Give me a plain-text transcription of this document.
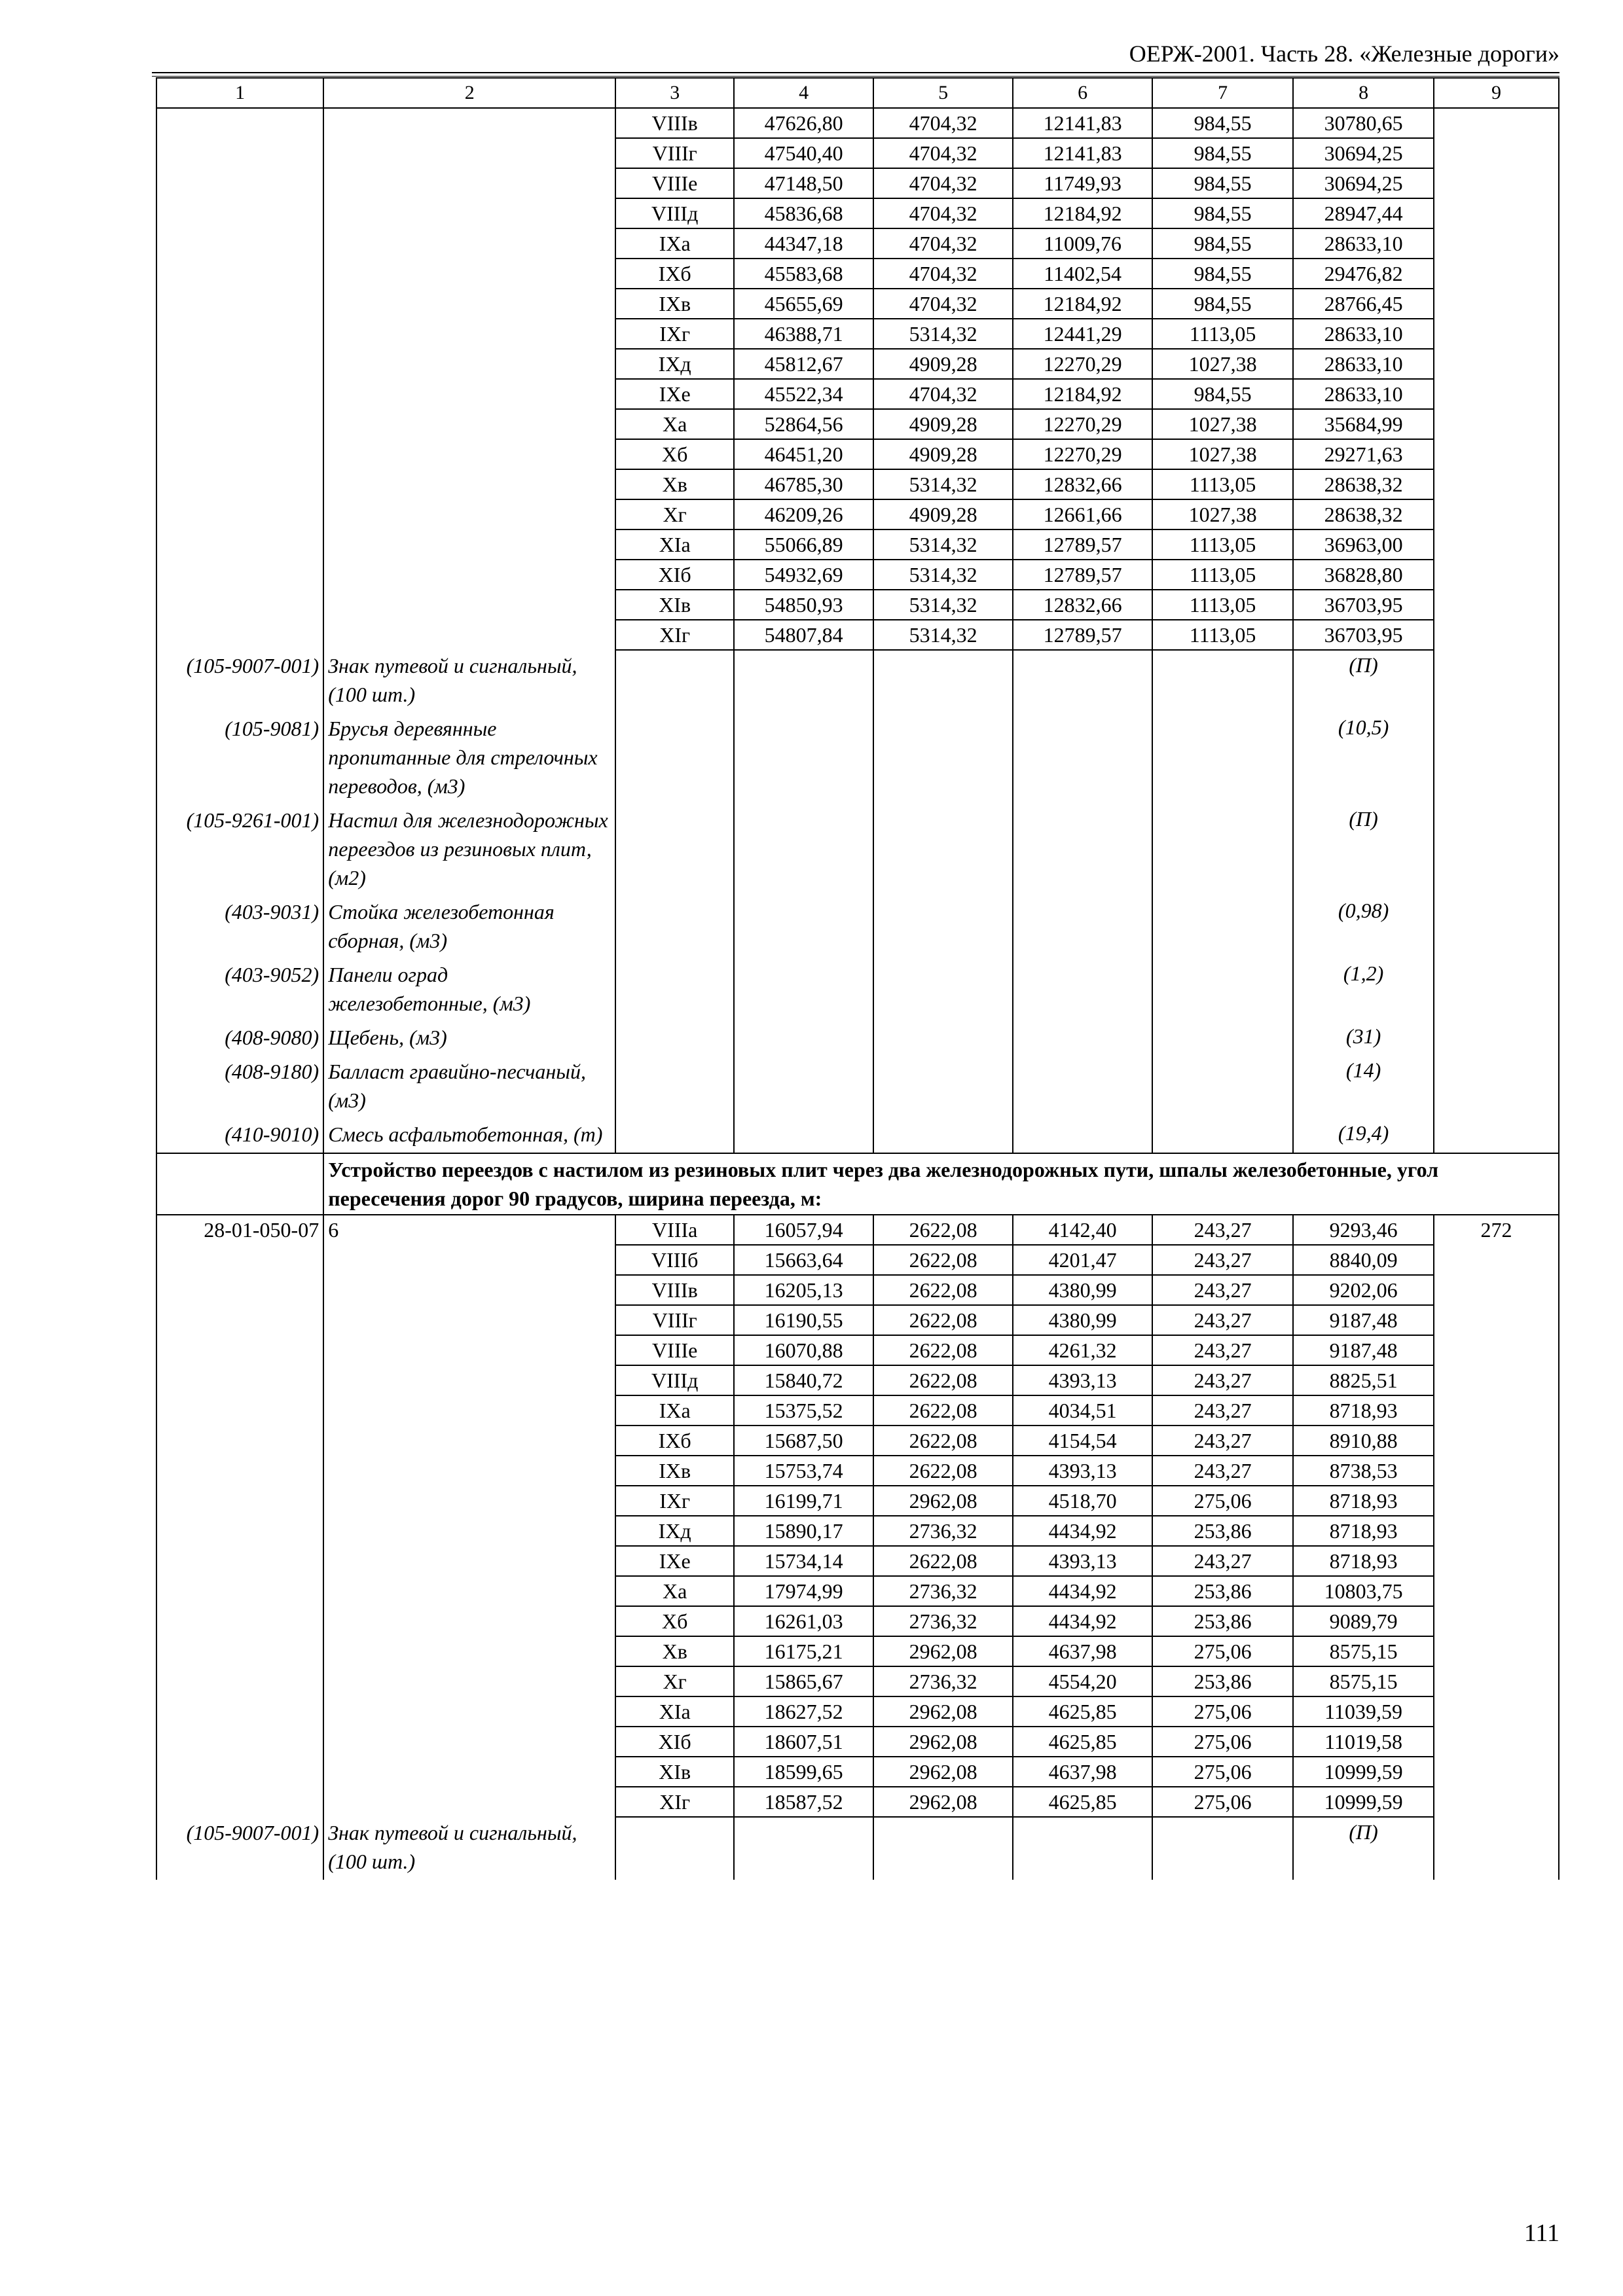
ОЕРЖ-2001. Часть 28. «Железные дороги»
1	2	3	4	5	6	7	8	9
		VIIIв	47626,80	4704,32	12141,83	984,55	30780,65	
		VIIIг	47540,40	4704,32	12141,83	984,55	30694,25	
		VIIIе	47148,50	4704,32	11749,93	984,55	30694,25	
		VIIIд	45836,68	4704,32	12184,92	984,55	28947,44	
		IXа	44347,18	4704,32	11009,76	984,55	28633,10	
		IXб	45583,68	4704,32	11402,54	984,55	29476,82	
		IXв	45655,69	4704,32	12184,92	984,55	28766,45	
		IXг	46388,71	5314,32	12441,29	1113,05	28633,10	
		IXд	45812,67	4909,28	12270,29	1027,38	28633,10	
		IXе	45522,34	4704,32	12184,92	984,55	28633,10	
		Xа	52864,56	4909,28	12270,29	1027,38	35684,99	
		Xб	46451,20	4909,28	12270,29	1027,38	29271,63	
		Xв	46785,30	5314,32	12832,66	1113,05	28638,32	
		Xг	46209,26	4909,28	12661,66	1027,38	28638,32	
		XIа	55066,89	5314,32	12789,57	1113,05	36963,00	
		XIб	54932,69	5314,32	12789,57	1113,05	36828,80	
		XIв	54850,93	5314,32	12832,66	1113,05	36703,95	
		XIг	54807,84	5314,32	12789,57	1113,05	36703,95	
(105-9007-001)	Знак путевой и сигнальный, (100 шт.)						(П)	
(105-9081)	Брусья деревянные пропитанные для стрелочных переводов, (м3)						(10,5)	
(105-9261-001)	Настил для железнодорожных переездов из резиновых плит, (м2)						(П)	
(403-9031)	Стойка железобетонная сборная, (м3)						(0,98)	
(403-9052)	Панели оград железобетонные, (м3)						(1,2)	
(408-9080)	Щебень, (м3)						(31)	
(408-9180)	Балласт гравийно-песчаный, (м3)						(14)	
(410-9010)	Смесь асфальтобетонная, (т)						(19,4)	
	Устройство переездов с настилом из резиновых плит через два железнодорожных пути, шпалы железобетонные, угол пересечения дорог 90 градусов, ширина переезда, м:							
28-01-050-07	6	VIIIа	16057,94	2622,08	4142,40	243,27	9293,46	272
		VIIIб	15663,64	2622,08	4201,47	243,27	8840,09	
		VIIIв	16205,13	2622,08	4380,99	243,27	9202,06	
		VIIIг	16190,55	2622,08	4380,99	243,27	9187,48	
		VIIIе	16070,88	2622,08	4261,32	243,27	9187,48	
		VIIIд	15840,72	2622,08	4393,13	243,27	8825,51	
		IXа	15375,52	2622,08	4034,51	243,27	8718,93	
		IXб	15687,50	2622,08	4154,54	243,27	8910,88	
		IXв	15753,74	2622,08	4393,13	243,27	8738,53	
		IXг	16199,71	2962,08	4518,70	275,06	8718,93	
		IXд	15890,17	2736,32	4434,92	253,86	8718,93	
		IXе	15734,14	2622,08	4393,13	243,27	8718,93	
		Xа	17974,99	2736,32	4434,92	253,86	10803,75	
		Xб	16261,03	2736,32	4434,92	253,86	9089,79	
		Xв	16175,21	2962,08	4637,98	275,06	8575,15	
		Xг	15865,67	2736,32	4554,20	253,86	8575,15	
		XIа	18627,52	2962,08	4625,85	275,06	11039,59	
		XIб	18607,51	2962,08	4625,85	275,06	11019,58	
		XIв	18599,65	2962,08	4637,98	275,06	10999,59	
		XIг	18587,52	2962,08	4625,85	275,06	10999,59	
(105-9007-001)	Знак путевой и сигнальный, (100 шт.)						(П)	
111
